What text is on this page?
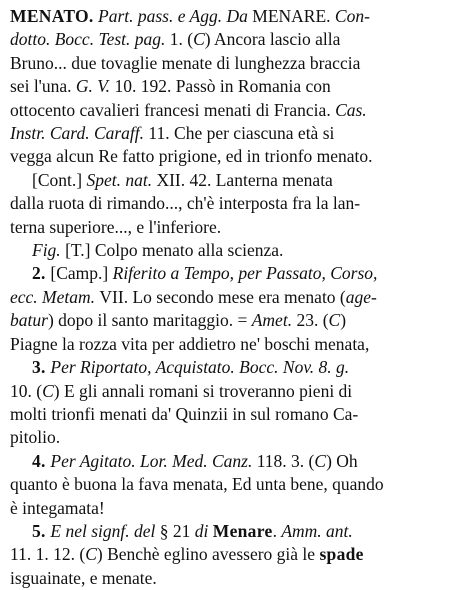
MENATO. Part. pass. e Agg. Da MENARE. Con-
dotto. Bocc. Test. pag. 1. (C) Ancora lascio alla
Bruno... due tovaglie menate di lunghezza braccia
sei l'una. G. V. 10. 192. Passò in Romania con
ottocento cavalieri francesi menati di Francia. Cas.
Instr. Card. Caraff. 11. Che per ciascuna età si
vegga alcun Re fatto prigione, ed in trionfo menato.
[Cont.] Spet. nat. XII. 42. Lanterna menata
dalla ruota di rimando..., ch'è interposta fra la lan-
terna superiore..., e l'inferiore.
Fig. [T.] Colpo menato alla scienza.
2. [Camp.] Riferito a Tempo, per Passato, Corso,
ecc. Metam. VII. Lo secondo mese era menato (age-
batur) dopo il santo maritaggio. = Amet. 23. (C)
Piagne la rozza vita per addietro ne' boschi menata,
3. Per Riportato, Acquistato. Bocc. Nov. 8. g.
10. (C) E gli annali romani si troveranno pieni di
molti trionfi menati da' Quinzii in sul romano Ca-
pitolio.
4. Per Agitato. Lor. Med. Canz. 118. 3. (C) Oh
quanto è buona la fava menata, Ed unta bene, quando
è integamata!
5. E nel signf. del § 21 di Menare. Amm. ant.
11. 1. 12. (C) Benchè eglino avessero già le spade
isguainate, e menate.
